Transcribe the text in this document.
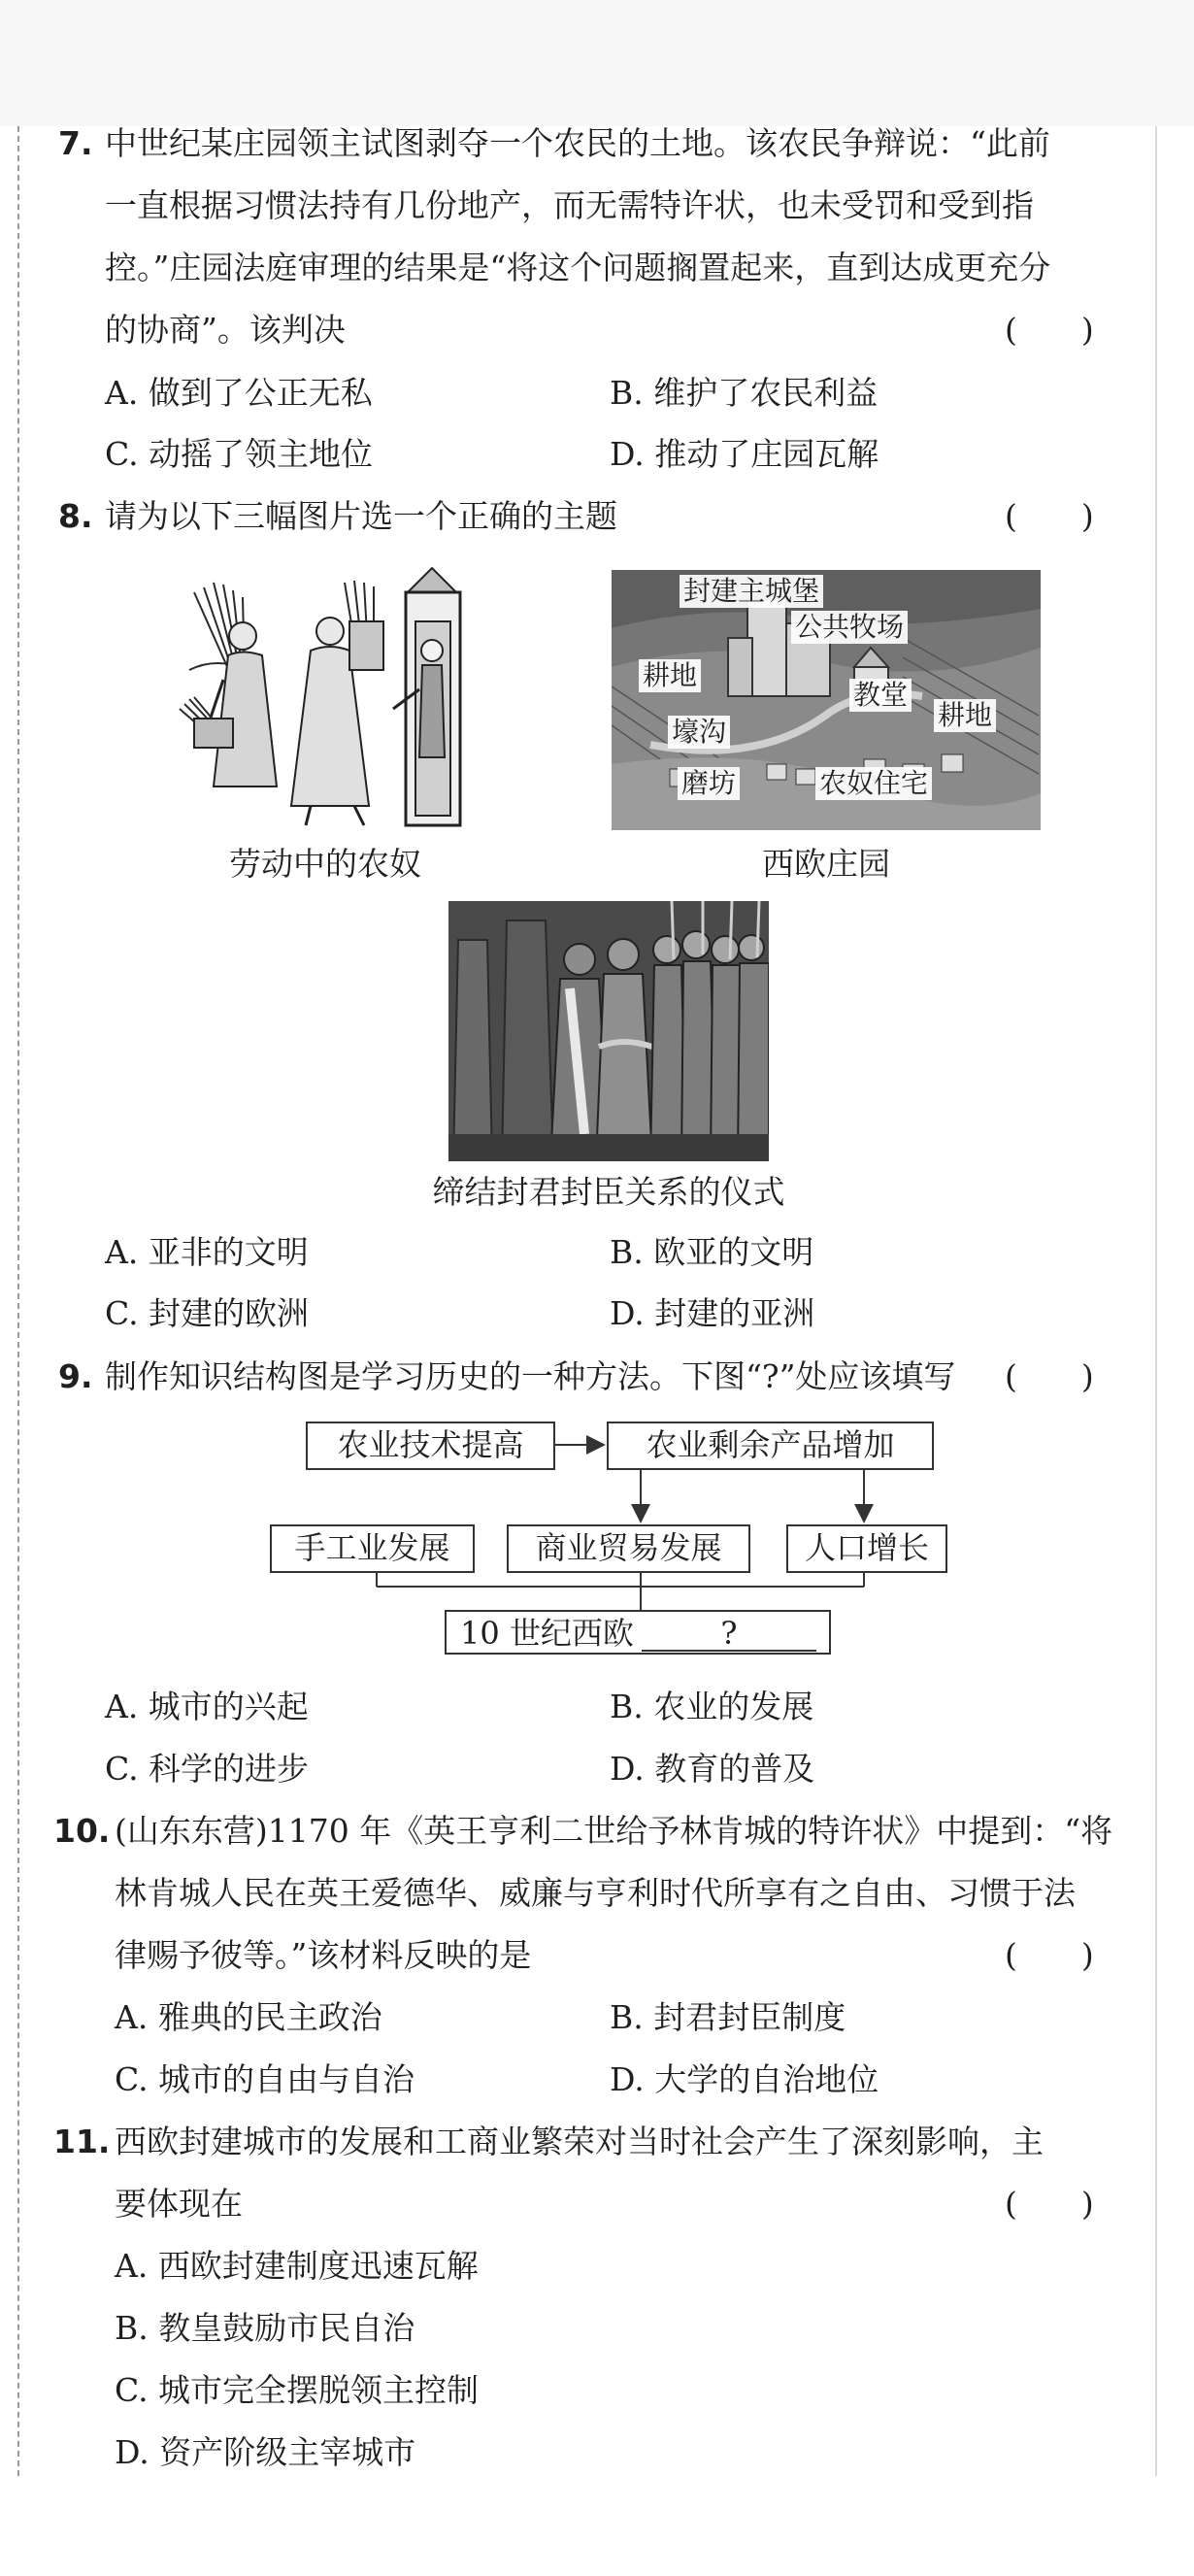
7. 中世纪某庄园领主试图剥夺一个农民的土地。该农民争辩说：“此前
一直根据习惯法持有几份地产，而无需特许状，也未受罚和受到指
控。”庄园法庭审理的结果是“将这个问题搁置起来，直到达成更充分
的协商”。该判决	(　　)
A. 做到了公正无私	B. 维护了农民利益
C. 动摇了领主地位	D. 推动了庄园瓦解
8. 请为以下三幅图片选一个正确的主题	(　　)
劳动中的农奴
封建主城堡
公共牧场
耕地
教堂
耕地
壕沟
磨坊	农奴住宅
西欧庄园
缔结封君封臣关系的仪式
A. 亚非的文明	B. 欧亚的文明
C. 封建的欧洲	D. 封建的亚洲
9. 制作知识结构图是学习历史的一种方法。下图“?”处应该填写 (　　)
农业技术提高	农业剩余产品增加
手工业发展	商业贸易发展	人口增长
10 世纪西欧	?
A. 城市的兴起	B. 农业的发展
C. 科学的进步	D. 教育的普及
10. (山东东营)1170 年《英王亨利二世给予林肯城的特许状》中提到：“将
林肯城人民在英王爱德华、威廉与亨利时代所享有之自由、习惯于法
律赐予彼等。”该材料反映的是	(　　)
A. 雅典的民主政治	B. 封君封臣制度
C. 城市的自由与自治	D. 大学的自治地位
11. 西欧封建城市的发展和工商业繁荣对当时社会产生了深刻影响，主
要体现在	(　　)
A. 西欧封建制度迅速瓦解
B. 教皇鼓励市民自治
C. 城市完全摆脱领主控制
D. 资产阶级主宰城市
